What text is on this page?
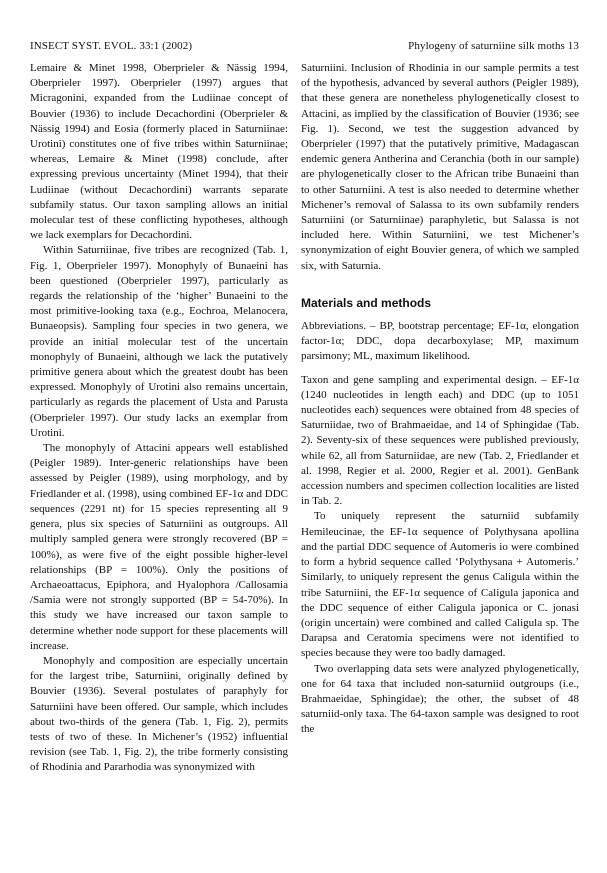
INSECT SYST. EVOL. 33:1 (2002)	Phylogeny of saturniine silk moths 13

Lemaire & Minet 1998, Oberprieler & Nässig 1994, Oberprieler 1997). Oberprieler (1997) argues that Micragonini, expanded from the Ludiinae concept of Bouvier (1936) to include Decachordini (Oberprieler & Nässig 1994) and Eosia (formerly placed in Saturniinae: Urotini) constitutes one of five tribes within Saturniinae; whereas, Lemaire & Minet (1998) conclude, after expressing previous uncertainty (Minet 1994), that their Ludiinae (without Decachordini) warrants separate subfamily status. Our taxon sampling allows an initial molecular test of these conflicting hypotheses, although we lack exemplars for Decachordini.

Within Saturniinae, five tribes are recognized (Tab. 1, Fig. 1, Oberprieler 1997). Monophyly of Bunaeini has been questioned (Oberprieler 1997), particularly as regards the relationship of the ‘higher’ Bunaeini to the most primitive-looking taxa (e.g., Eochroa, Melanocera, Bunaeopsis). Sampling four species in two genera, we provide an initial molecular test of the uncertain monophyly of Bunaeini, although we lack the putatively primitive genera about which the greatest doubt has been expressed. Monophyly of Urotini also remains uncertain, particularly as regards the placement of Usta and Parusta (Oberprieler 1997). Our study lacks an exemplar from Urotini.

The monophyly of Attacini appears well established (Peigler 1989). Inter-generic relationships have been assessed by Peigler (1989), using morphology, and by Friedlander et al. (1998), using combined EF-1α and DDC sequences (2291 nt) for 15 species representing all 9 genera, plus six species of Saturniini as outgroups. All multiply sampled genera were strongly recovered (BP = 100%), as were five of the eight possible higher-level relationships (BP = 100%). Only the positions of Archaeoattacus, Epiphora, and Hyalophora /Callosamia /Samia were not strongly supported (BP = 54-70%). In this study we have increased our taxon sample to determine whether node support for these placements will increase.

Monophyly and composition are especially uncertain for the largest tribe, Saturniini, originally defined by Bouvier (1936). Several postulates of paraphyly for Saturniini have been offered. Our sample, which includes about two-thirds of the genera (Tab. 1, Fig. 2), permits tests of two of these. In Michener’s (1952) influential revision (see Tab. 1, Fig. 2), the tribe formerly consisting of Rhodinia and Pararhodia was synonymized with

Saturniini. Inclusion of Rhodinia in our sample permits a test of the hypothesis, advanced by several authors (Peigler 1989), that these genera are nonetheless phylogenetically closest to Attacini, as implied by the classification of Bouvier (1936; see Fig. 1). Second, we test the suggestion advanced by Oberprieler (1997) that the putatively primitive, Madagascan endemic genera Antherina and Ceranchia (both in our sample) are phylogenetically closer to the African tribe Bunaeini than to other Saturniini. A test is also needed to determine whether Michener’s removal of Salassa to its own subfamily renders Saturniini (or Saturniinae) paraphyletic, but Salassa is not included here. Within Saturniini, we test Michener’s synonymization of eight Bouvier genera, of which we sampled six, with Saturnia.

Materials and methods

Abbreviations. – BP, bootstrap percentage; EF-1α, elongation factor-1α; DDC, dopa decarboxylase; MP, maximum parsimony; ML, maximum likelihood.

Taxon and gene sampling and experimental design. – EF-1α (1240 nucleotides in length each) and DDC (up to 1051 nucleotides each) sequences were obtained from 48 species of Saturniidae, two of Brahmaeidae, and 14 of Sphingidae (Tab. 2). Seventy-six of these sequences were published previously, while 62, all from Saturniidae, are new (Tab. 2, Friedlander et al. 1998, Regier et al. 2000, Regier et al. 2001). GenBank accession numbers and specimen collection localities are listed in Tab. 2.

To uniquely represent the saturniid subfamily Hemileucinae, the EF-1α sequence of Polythysana apollina and the partial DDC sequence of Automeris io were combined to form a hybrid sequence called ‘Polythysana + Automeris.’ Similarly, to uniquely represent the genus Caligula within the tribe Saturniini, the EF-1α sequence of Caligula japonica and the DDC sequence of either Caligula japonica or C. jonasi (origin uncertain) were combined and called Caligula sp. The Darapsa and Ceratomia specimens were not identified to species because they were too badly damaged.

Two overlapping data sets were analyzed phylogenetically, one for 64 taxa that included non-saturniid outgroups (i.e., Brahmaeidae, Sphingidae); the other, the subset of 48 saturniid-only taxa. The 64-taxon sample was designed to root the
